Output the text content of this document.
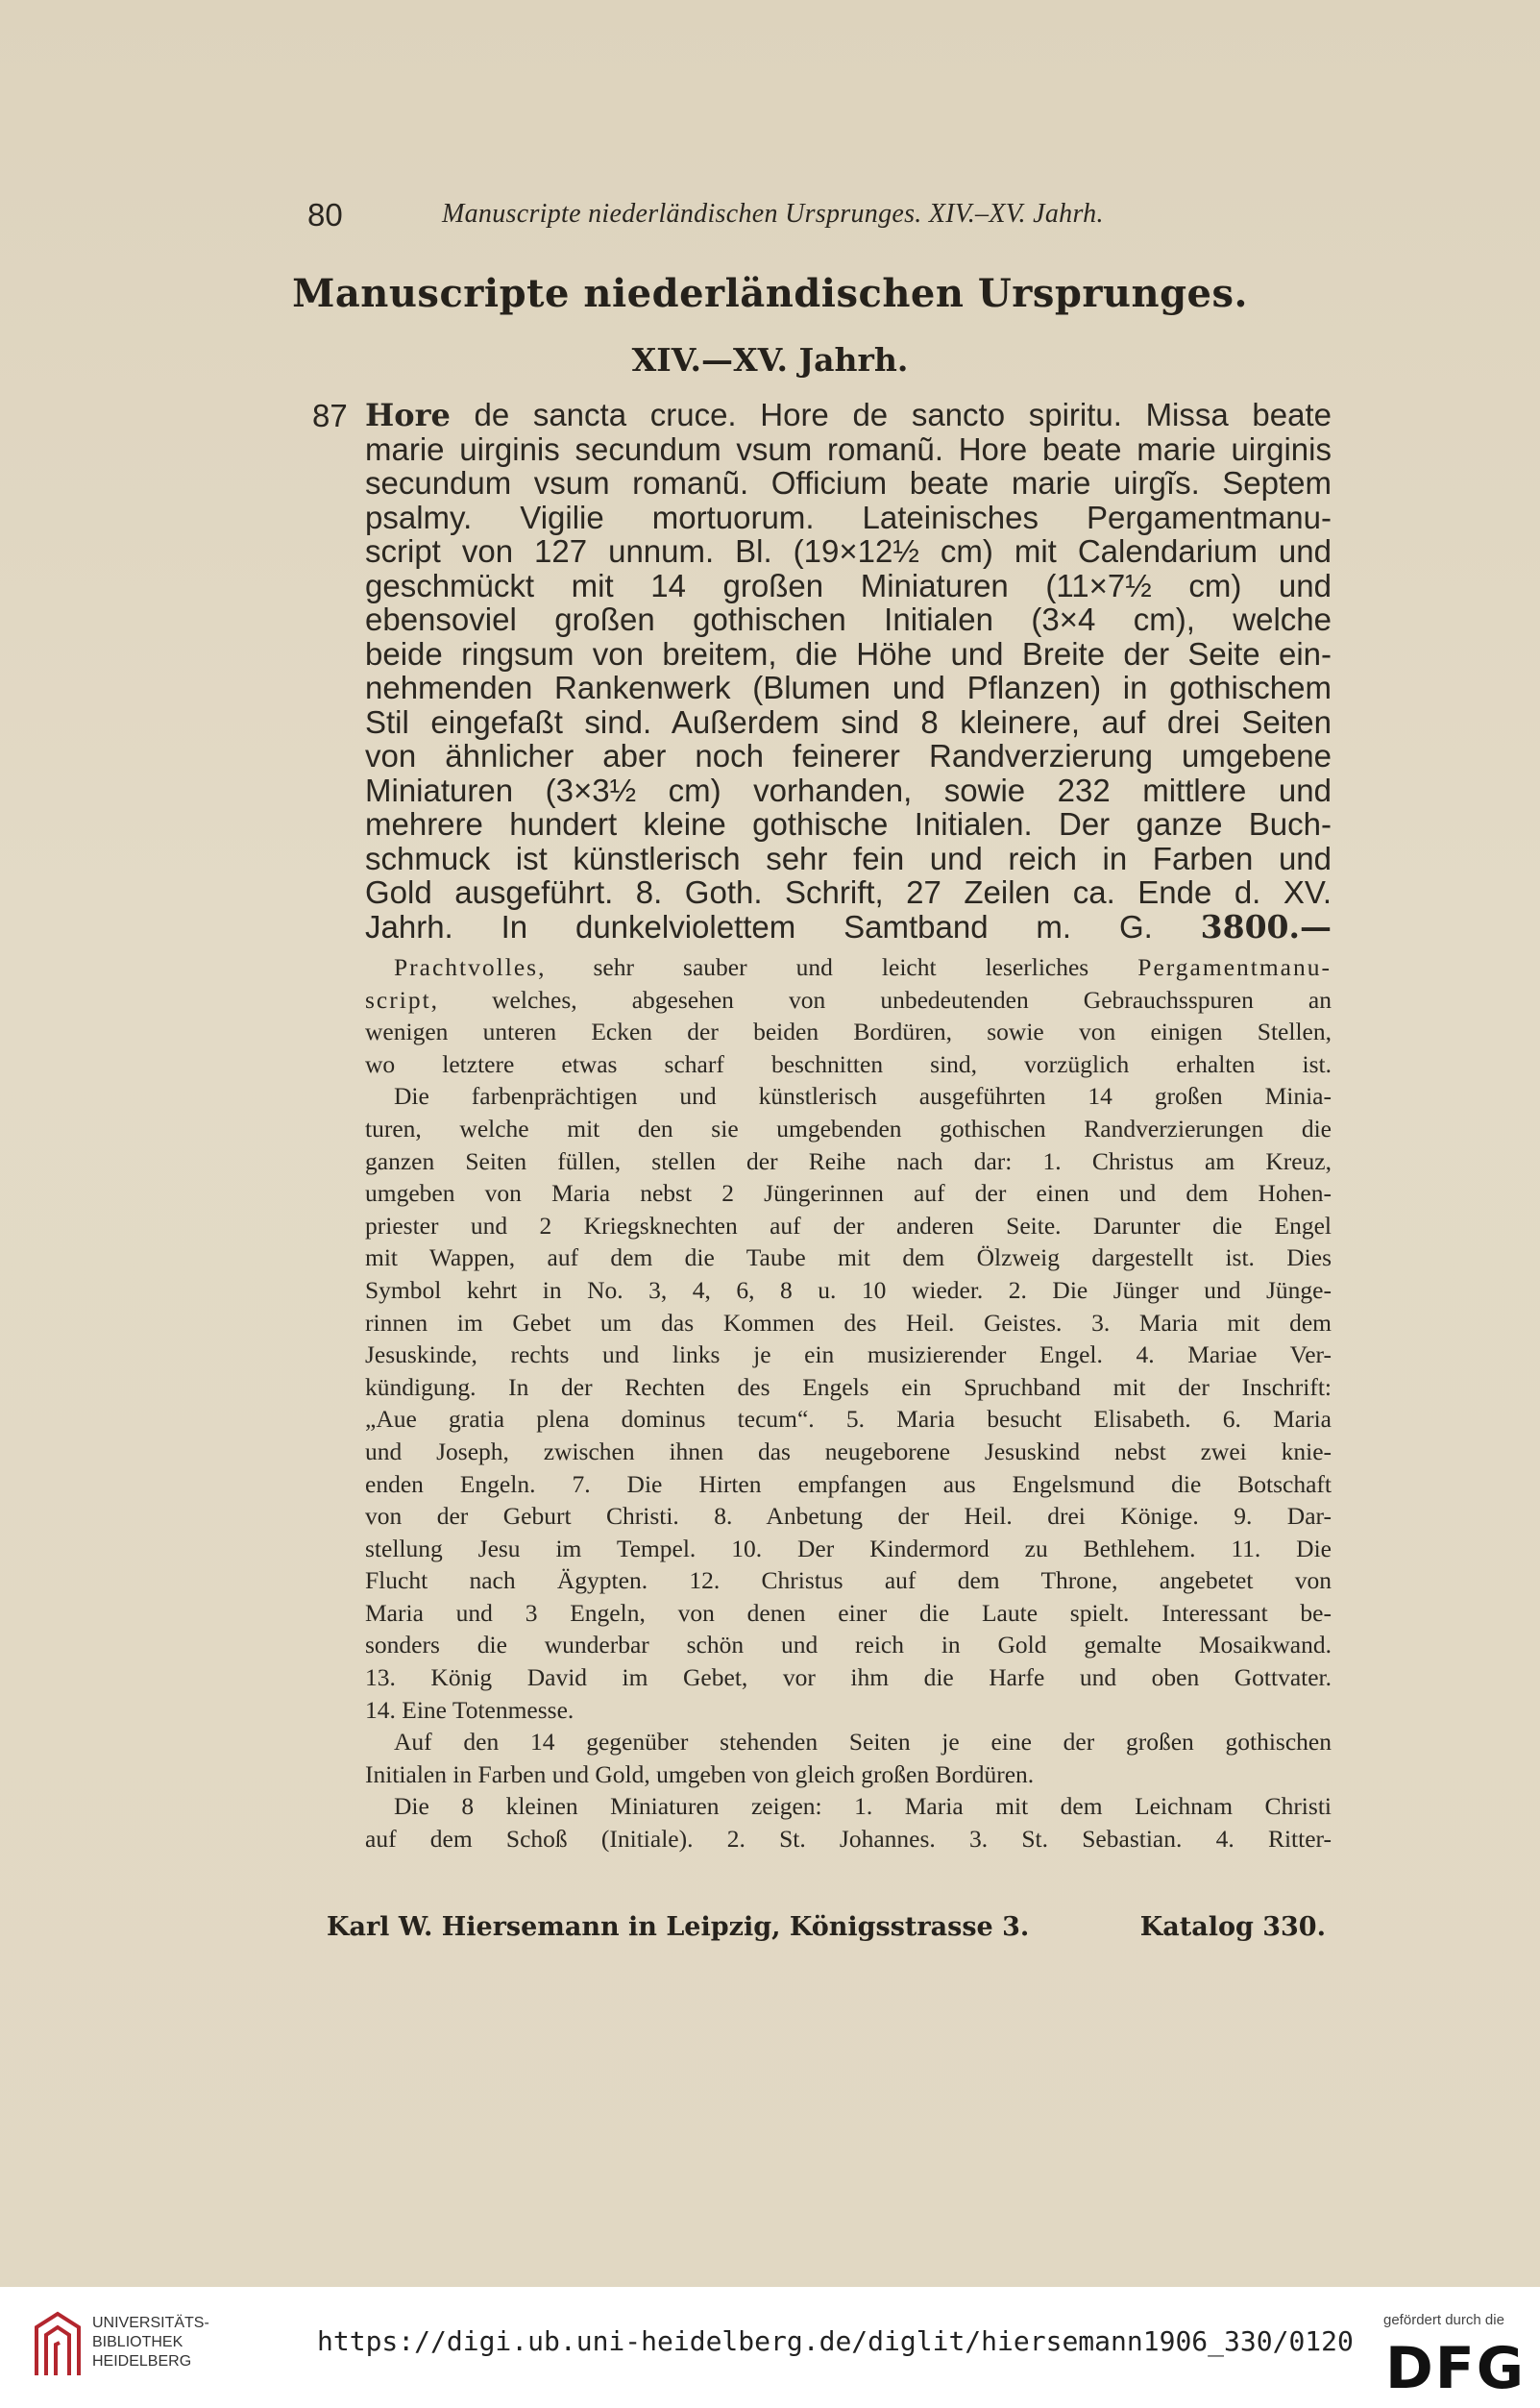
80	Manuscripte niederländischen Ursprunges. XIV.–XV. Jahrh.
Manuscripte niederländischen Ursprunges.
XIV.—XV. Jahrh.
87 Hore de sancta cruce. Hore de sancto spiritu. Missa beate
marie uirginis secundum vsum romanũ. Hore beate marie uirginis
secundum vsum romanũ. Officium beate marie uirgĩs. Septem
psalmy. Vigilie mortuorum. Lateinisches Pergamentmanu-
script von 127 unnum. Bl. (19×12½ cm) mit Calendarium und
geschmückt mit 14 großen Miniaturen (11×7½ cm) und
ebensoviel großen gothischen Initialen (3×4 cm), welche
beide ringsum von breitem, die Höhe und Breite der Seite ein-
nehmenden Rankenwerk (Blumen und Pflanzen) in gothischem
Stil eingefaßt sind. Außerdem sind 8 kleinere, auf drei Seiten
von ähnlicher aber noch feinerer Randverzierung umgebene
Miniaturen (3×3½ cm) vorhanden, sowie 232 mittlere und
mehrere hundert kleine gothische Initialen. Der ganze Buch-
schmuck ist künstlerisch sehr fein und reich in Farben und
Gold ausgeführt. 8. Goth. Schrift, 27 Zeilen ca. Ende d. XV.
Jahrh. In dunkelviolettem Samtband m. G. 3800.—
Prachtvolles, sehr sauber und leicht leserliches Pergamentmanu-
script, welches, abgesehen von unbedeutenden Gebrauchsspuren an
wenigen unteren Ecken der beiden Bordüren, sowie von einigen Stellen,
wo letztere etwas scharf beschnitten sind, vorzüglich erhalten ist.
Die farbenprächtigen und künstlerisch ausgeführten 14 großen Minia-
turen, welche mit den sie umgebenden gothischen Randverzierungen die
ganzen Seiten füllen, stellen der Reihe nach dar: 1. Christus am Kreuz,
umgeben von Maria nebst 2 Jüngerinnen auf der einen und dem Hohen-
priester und 2 Kriegsknechten auf der anderen Seite. Darunter die Engel
mit Wappen, auf dem die Taube mit dem Ölzweig dargestellt ist. Dies
Symbol kehrt in No. 3, 4, 6, 8 u. 10 wieder. 2. Die Jünger und Jünge-
rinnen im Gebet um das Kommen des Heil. Geistes. 3. Maria mit dem
Jesuskinde, rechts und links je ein musizierender Engel. 4. Mariae Ver-
kündigung. In der Rechten des Engels ein Spruchband mit der Inschrift:
„Aue gratia plena dominus tecum“. 5. Maria besucht Elisabeth. 6. Maria
und Joseph, zwischen ihnen das neugeborene Jesuskind nebst zwei knie-
enden Engeln. 7. Die Hirten empfangen aus Engelsmund die Botschaft
von der Geburt Christi. 8. Anbetung der Heil. drei Könige. 9. Dar-
stellung Jesu im Tempel. 10. Der Kindermord zu Bethlehem. 11. Die
Flucht nach Ägypten. 12. Christus auf dem Throne, angebetet von
Maria und 3 Engeln, von denen einer die Laute spielt. Interessant be-
sonders die wunderbar schön und reich in Gold gemalte Mosaikwand.
13. König David im Gebet, vor ihm die Harfe und oben Gottvater.
14. Eine Totenmesse.
Auf den 14 gegenüber stehenden Seiten je eine der großen gothischen
Initialen in Farben und Gold, umgeben von gleich großen Bordüren.
Die 8 kleinen Miniaturen zeigen: 1. Maria mit dem Leichnam Christi
auf dem Schoß (Initiale). 2. St. Johannes. 3. St. Sebastian. 4. Ritter-
Karl W. Hiersemann in Leipzig, Königsstrasse 3.	Katalog 330.
UNIVERSITÄTS-
BIBLIOTHEK
HEIDELBERG
https://digi.ub.uni-heidelberg.de/diglit/hiersemann1906_330/0120
gefördert durch die
DFG
